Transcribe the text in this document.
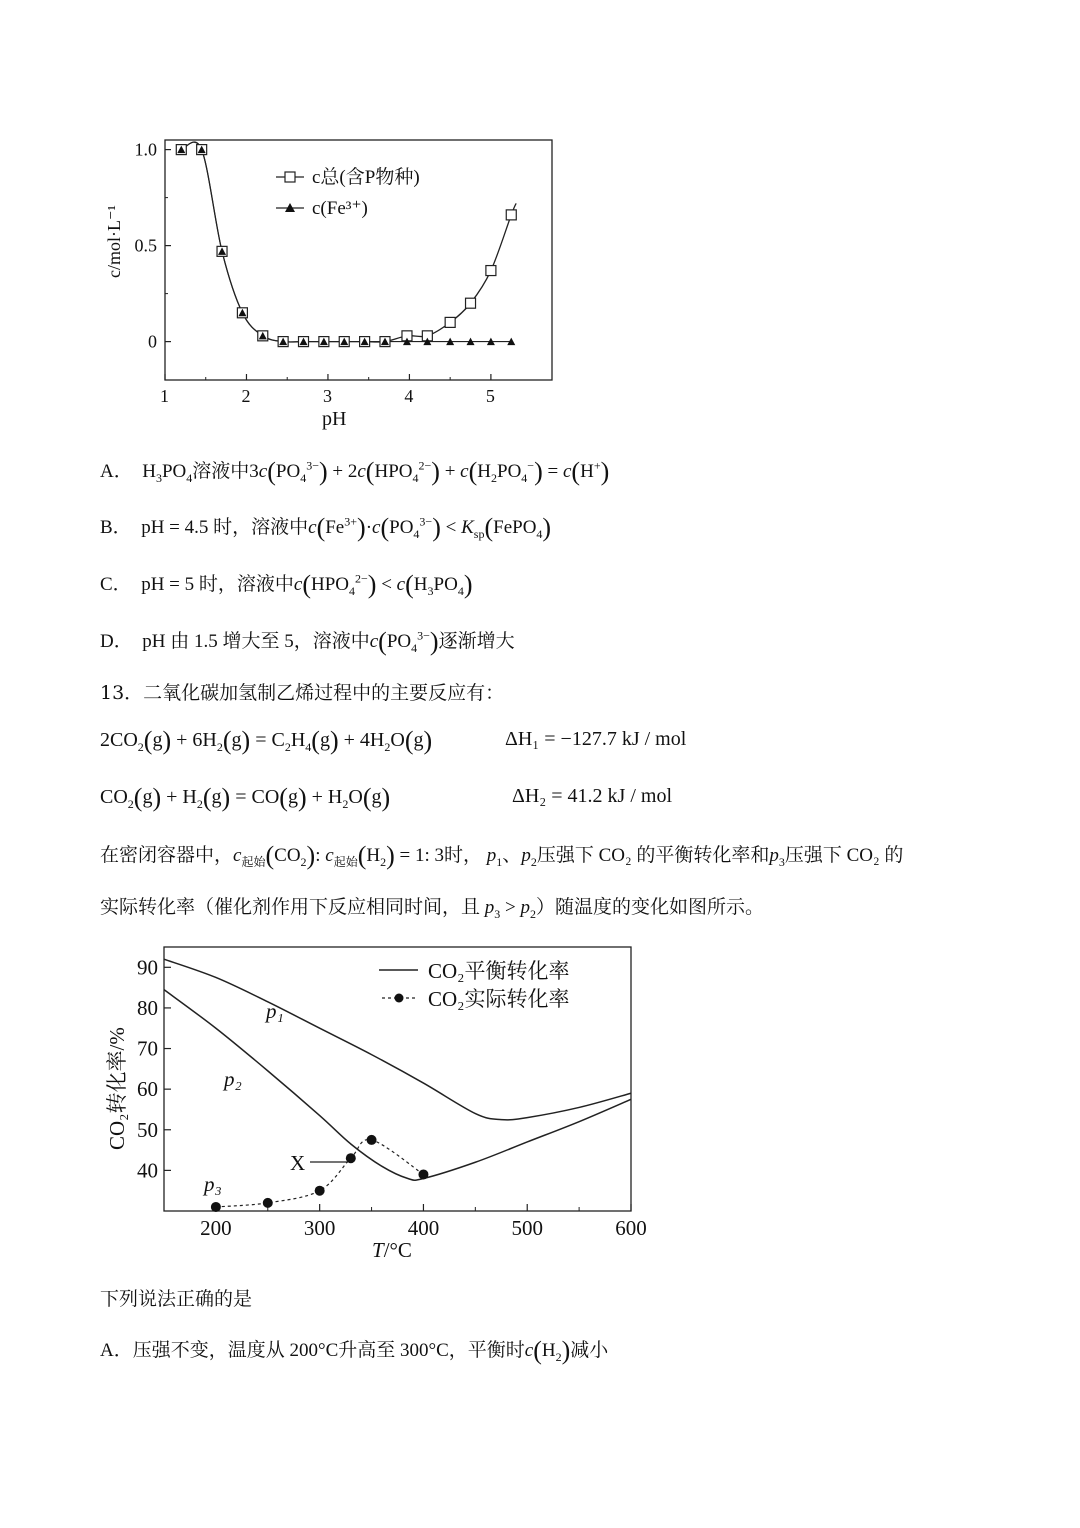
1	2	3	4	5
1.0
0.5
0
c/mol·L⁻¹
pH
c总(含P物种)
c(Fe³⁺)
A．  $H_3PO_4$溶液中$3c(PO_4^{3-}) + 2c(HPO_4^{2-}) + c(H_2PO_4^-) = c(H^+)$
B． pH = 4.5 时，溶液中$c(Fe^{3+})\cdot c(PO_4^{3-})$ < $K_{sp}(FePO_4)$
C． pH = 5 时，溶液中$c(HPO_4^{2-}) < c(H_3PO_4)$
D． pH 由 1.5 增大至 5，溶液中$c(PO_4^{3-})$逐渐增大
13．二氧化碳加氢制乙烯过程中的主要反应有：
$2CO_2(g) + 6H_2(g) = C_2H_4(g) + 4H_2O(g)$	ΔH₁ = −127.7 kJ / mol
$CO_2(g) + H_2(g) = CO(g) + H_2O(g)$	ΔH₂ = 41.2 kJ / mol
在密闭容器中，$c_{起始}(CO_2)$: $c_{起始}(H_2) = 1$: 3时， $p_1$、$p_2$压强下 CO₂ 的平衡转化率和$p_3$压强下 CO₂ 的
实际转化率（催化剂作用下反应相同时间，且 $p_3 > p_2$）随温度的变化如图所示。
200	300	400	500	600
40
50
60
70
80
90	CO₂平衡转化率
CO₂实际转化率
p₁
p₂
p₃
X
CO₂转化率/%
T/°C
下列说法正确的是
A．压强不变，温度从 200°C升高至 300°C，平衡时$c(H_2)$减小
